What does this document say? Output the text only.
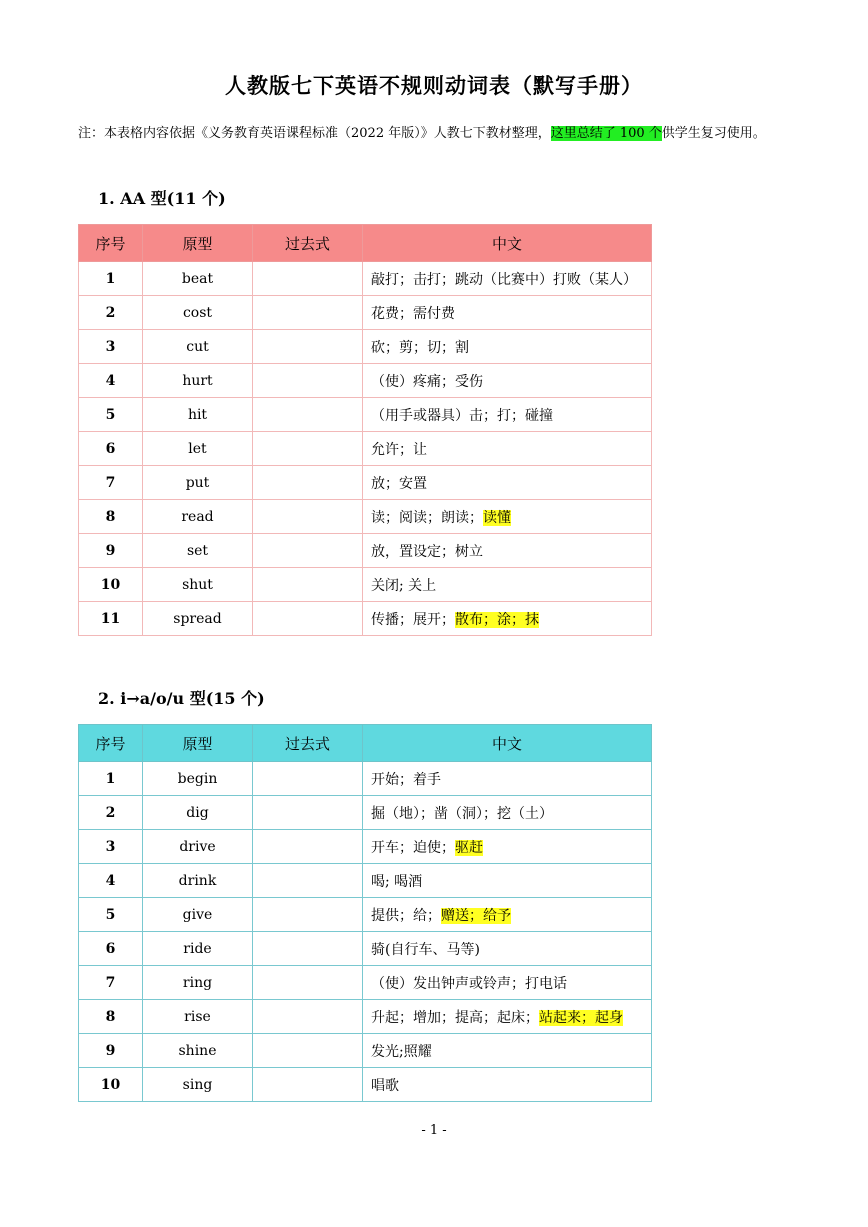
人教版七下英语不规则动词表（默写手册）
注：本表格内容依据《义务教育英语课程标准（2022 年版）》人教七下教材整理，这里总结了 100 个供学生复习使用。
1. AA 型(11 个)
序号	原型	过去式	中文
1	beat		敲打；击打；跳动（比赛中）打败（某人）
2	cost		花费；需付费
3	cut		砍；剪；切；割
4	hurt		（使）疼痛；受伤
5	hit		（用手或器具）击；打；碰撞
6	let		允许；让
7	put		放；安置
8	read		读；阅读；朗读；读懂
9	set		放，置设定；树立
10	shut		关闭; 关上
11	spread		传播；展开；散布；涂；抹
2. i→a/o/u 型(15 个)
序号	原型	过去式	中文
1	begin		开始；着手
2	dig		掘（地）；凿（洞）；挖（土）
3	drive		开车；迫使；驱赶
4	drink		喝; 喝酒
5	give		提供；给；赠送；给予
6	ride		骑(自行车、马等)
7	ring		（使）发出钟声或铃声；打电话
8	rise		升起；增加；提高；起床；站起来；起身
9	shine		发光;照耀
10	sing		唱歌
- 1 -
